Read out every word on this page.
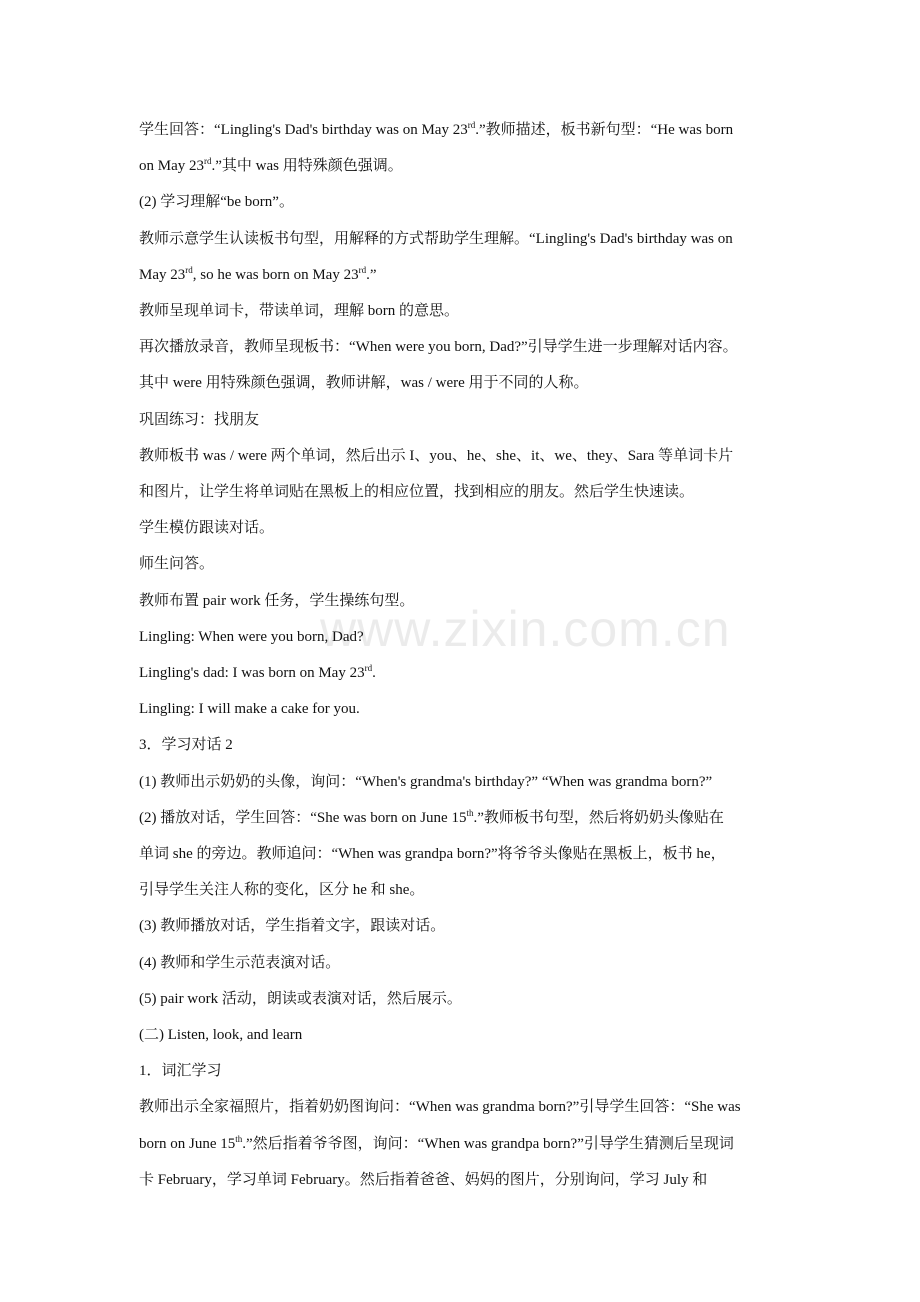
www.zixin.com.cn
学生回答：“Lingling's Dad's birthday was on May 23rd.”教师描述，板书新句型：“He was born
on May 23rd.”其中 was 用特殊颜色强调。
(2) 学习理解“be born”。
教师示意学生认读板书句型，用解释的方式帮助学生理解。“Lingling's Dad's birthday was on
May 23rd, so he was born on May 23rd.”
教师呈现单词卡，带读单词，理解 born 的意思。
再次播放录音，教师呈现板书：“When were you born, Dad?”引导学生进一步理解对话内容。
其中 were 用特殊颜色强调，教师讲解，was / were 用于不同的人称。
巩固练习：找朋友
教师板书 was / were 两个单词，然后出示 I、you、he、she、it、we、they、Sara 等单词卡片
和图片，让学生将单词贴在黑板上的相应位置，找到相应的朋友。然后学生快速读。
学生模仿跟读对话。
师生问答。
教师布置 pair work 任务，学生操练句型。
Lingling: When were you born, Dad?
Lingling's dad: I was born on May 23rd.
Lingling: I will make a cake for you.
3．学习对话 2
(1) 教师出示奶奶的头像，询问：“When's grandma's birthday?” “When was grandma born?”
(2) 播放对话，学生回答：“She was born on June 15th.”教师板书句型，然后将奶奶头像贴在
单词 she 的旁边。教师追问：“When was grandpa born?”将爷爷头像贴在黑板上，板书 he，
引导学生关注人称的变化，区分 he 和 she。
(3) 教师播放对话，学生指着文字，跟读对话。
(4) 教师和学生示范表演对话。
(5) pair work 活动，朗读或表演对话，然后展示。
(二) Listen, look, and learn
1．词汇学习
教师出示全家福照片，指着奶奶图询问：“When was grandma born?”引导学生回答：“She was
born on June 15th.”然后指着爷爷图，询问：“When was grandpa born?”引导学生猜测后呈现词
卡 February，学习单词 February。然后指着爸爸、妈妈的图片，分别询问，学习 July 和
